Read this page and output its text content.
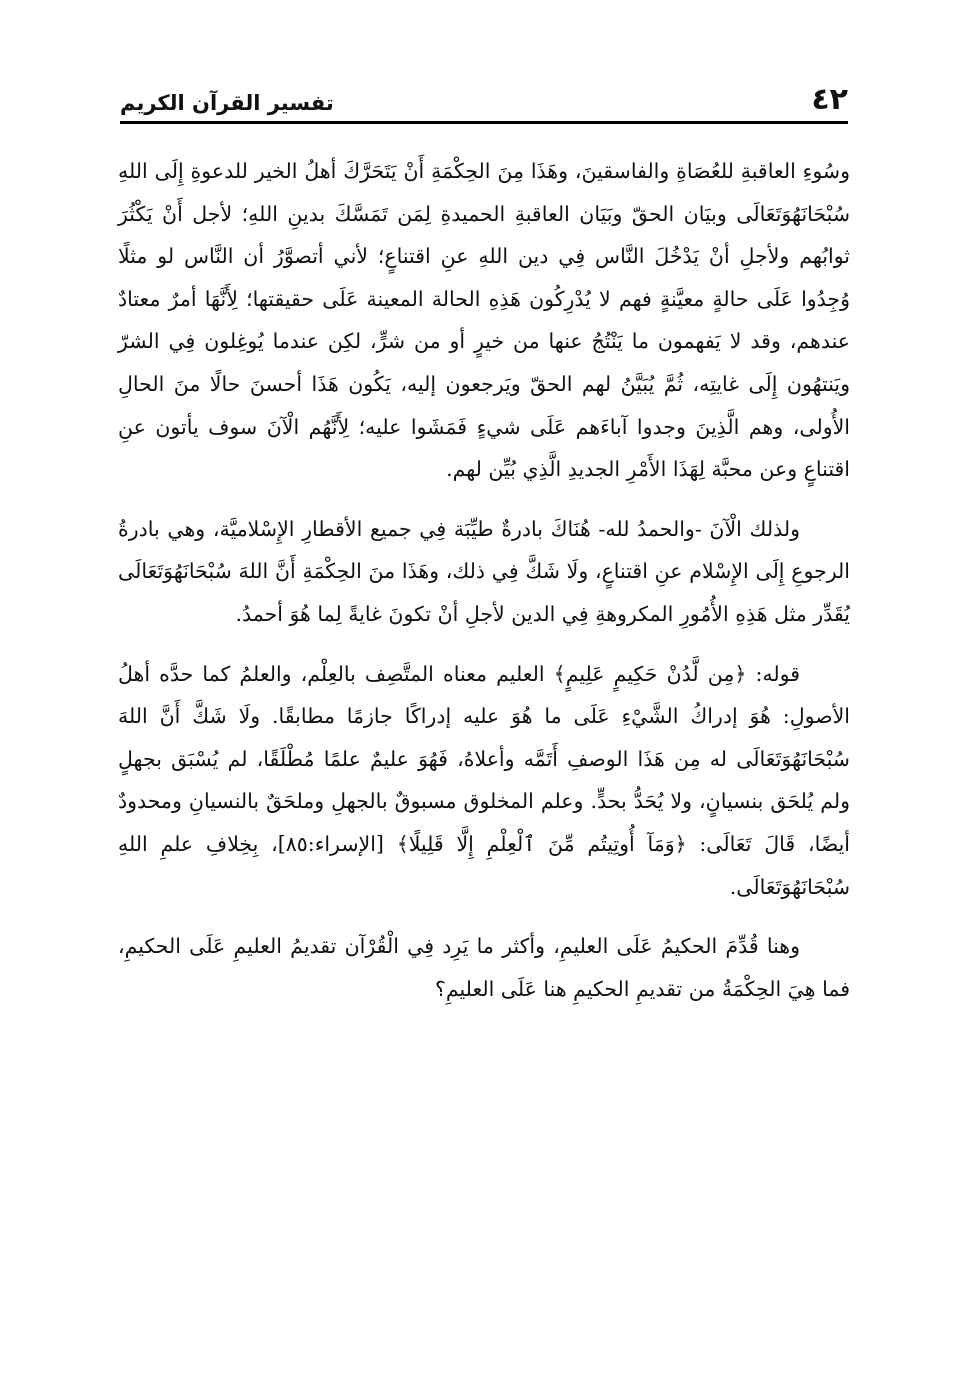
٤٢
تفسير القرآن الكريم

وسُوءِ العاقبةِ للعُصَاةِ والفاسقينَ، وهَذَا مِنَ الحِكْمَةِ أَنْ يَتَحَرَّكَ أهلُ الخير للدعوةِ إِلَى اللهِ سُبْحَانَهُوَتَعَالَى وبيَان الحقّ وبَيَان العاقبةِ الحميدةِ لِمَن تَمَسَّكَ بدينِ اللهِ؛ لأجل أَنْ يَكْثُرَ ثوابُهم ولأجلِ أنْ يَدْخُلَ النَّاس فِي دين اللهِ عنِ اقتناعٍ؛ لأني أتصوَّرُ أن النَّاس لو مثلًا وُجِدُوا عَلَى حالةٍ معيَّنةٍ فهم لا يُدْرِكُون هَذِهِ الحالة المعينة عَلَى حقيقتها؛ لِأَنَّهَا أمرٌ معتادٌ عندهم، وقد لا يَفهمون ما يَنْتُجُ عنها من خيرٍ أو من شرٍّ، لكِن عندما يُوغِلون فِي الشرّ ويَنتهُون إِلَى غايتِه، ثُمَّ يُبَيَّنُ لهم الحقّ ويَرجعون إليه، يَكُون هَذَا أحسنَ حالًا منَ الحالِ الأُولى، وهم الَّذِينَ وجدوا آباءَهم عَلَى شيءٍ فَمَشَوا عليه؛ لِأَنَّهُم الْآنَ سوف يأتون عنِ اقتناعٍ وعن محبَّة لِهَذَا الأَمْرِ الجديدِ الَّذِي بُيِّن لهم.

ولذلك الْآنَ -والحمدُ لله- هُنَاكَ بادرةٌ طيِّبَة فِي جميع الأقطارِ الإِسْلاميَّة، وهي بادرةُ الرجوعِ إِلَى الإِسْلام عنِ اقتناعٍ، ولَا شَكَّ فِي ذلك، وهَذَا منَ الحِكْمَةِ أَنَّ اللهَ سُبْحَانَهُوَتَعَالَى يُقَدِّر مثل هَذِهِ الأُمُورِ المكروهةِ فِي الدين لأجلِ أنْ تكونَ غايةً لِما هُوَ أحمدُ.

قوله: ﴿مِن لَّدُنْ حَكِيمٍ عَلِيمٍ﴾ العليم معناه المتَّصِف بالعِلْم، والعلمُ كما حدَّه أهلُ الأصولِ: هُوَ إدراكُ الشَّيْءِ عَلَى ما هُوَ عليه إدراكًا جازمًا مطابقًا. ولَا شَكَّ أَنَّ اللهَ سُبْحَانَهُوَتَعَالَى له مِن هَذَا الوصفِ أَتَمَّه وأعلاهُ، فَهُوَ عليمٌ علمًا مُطْلَقًا، لم يُسْبَق بجهلٍ ولم يُلحَق بنسيانٍ، ولا يُحَدُّ بحدٍّ. وعلم المخلوق مسبوقٌ بالجهلِ وملحَقٌ بالنسيانِ ومحدودٌ أيضًا، قَالَ تَعَالَى: ﴿وَمَآ أُوتِيتُم مِّنَ ٱلْعِلْمِ إِلَّا قَلِيلًا﴾ [الإسراء:٨٥]، بِخِلافِ علمِ اللهِ سُبْحَانَهُوَتَعَالَى.

وهنا قُدِّمَ الحكيمُ عَلَى العليمِ، وأكثر ما يَرِد فِي الْقُرْآن تقديمُ العليمِ عَلَى الحكيمِ، فما هِيَ الحِكْمَةُ من تقديمِ الحكيمِ هنا عَلَى العليمِ؟
